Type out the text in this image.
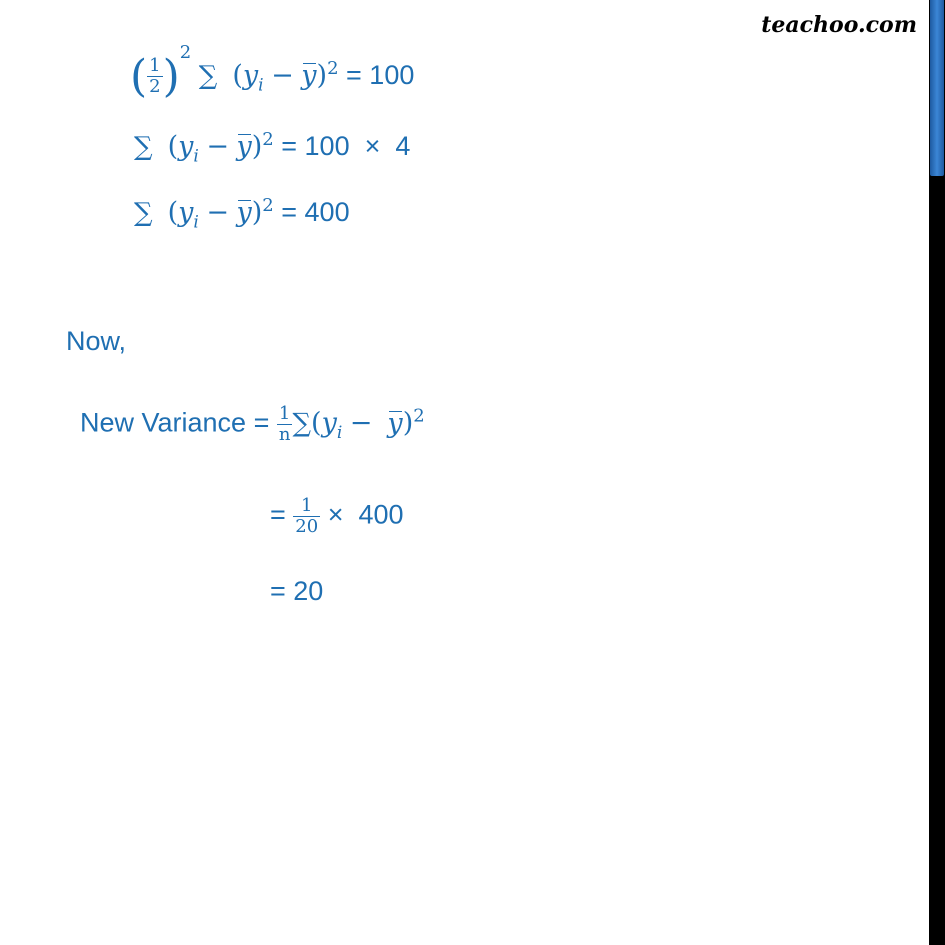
teachoo.com
( $\frac{1}{2} )^2$ ∑ $(y_i - y)^2 = 100$
∑ $(y_i - y)^2 = 100 \times 4$
∑ $(y_i - y)^2 = 400$
Now,
New Variance = $\frac{1}{n} \sum(y_i - y)^2$
= $\frac{1}{20} \times 400$
= 20
